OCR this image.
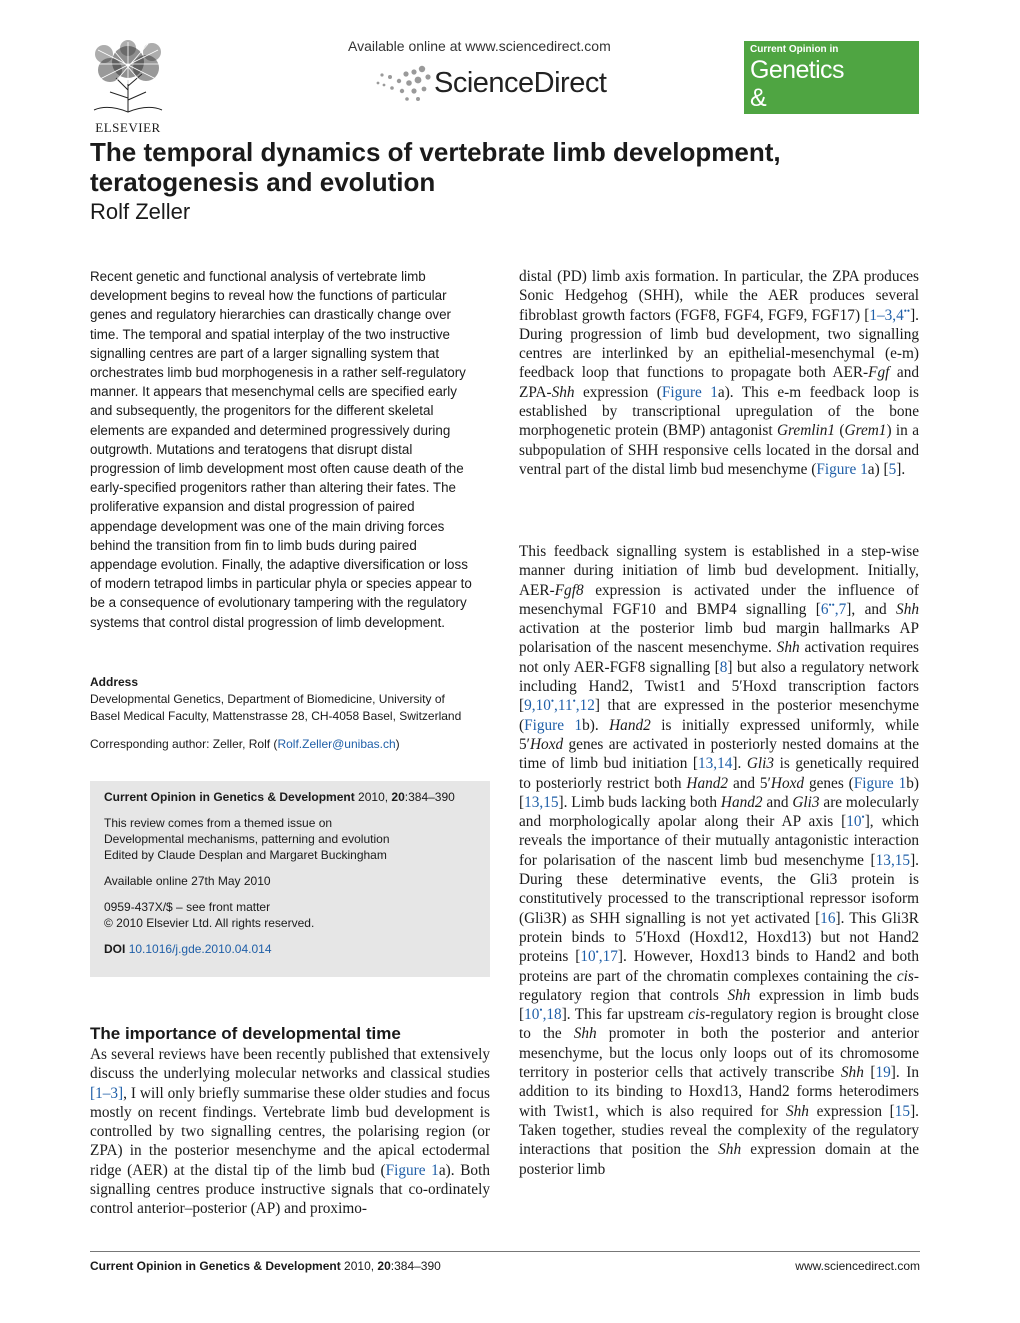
ELSEVIER
Available online at www.sciencedirect.com
ScienceDirect
Current Opinion in
Genetics
& Development
The temporal dynamics of vertebrate limb development, teratogenesis and evolution
Rolf Zeller

Recent genetic and functional analysis of vertebrate limb development begins to reveal how the functions of particular genes and regulatory hierarchies can drastically change over time. The temporal and spatial interplay of the two instructive signalling centres are part of a larger signalling system that orchestrates limb bud morphogenesis in a rather self-regulatory manner. It appears that mesenchymal cells are specified early and subsequently, the progenitors for the different skeletal elements are expanded and determined progressively during outgrowth. Mutations and teratogens that disrupt distal progression of limb development most often cause death of the early-specified progenitors rather than altering their fates. The proliferative expansion and distal progression of paired appendage development was one of the main driving forces behind the transition from fin to limb buds during paired appendage evolution. Finally, the adaptive diversification or loss of modern tetrapod limbs in particular phyla or species appear to be a consequence of evolutionary tampering with the regulatory systems that control distal progression of limb development.

Address
Developmental Genetics, Department of Biomedicine, University of
Basel Medical Faculty, Mattenstrasse 28, CH-4058 Basel, Switzerland
Corresponding author: Zeller, Rolf (Rolf.Zeller@unibas.ch)
Current Opinion in Genetics & Development 2010, 20:384–390
This review comes from a themed issue on
Developmental mechanisms, patterning and evolution
Edited by Claude Desplan and Margaret Buckingham
Available online 27th May 2010
0959-437X/$ – see front matter
© 2010 Elsevier Ltd. All rights reserved.
DOI 10.1016/j.gde.2010.04.014
The importance of developmental time

As several reviews have been recently published that extensively discuss the underlying molecular networks and classical studies [1–3], I will only briefly summarise these older studies and focus mostly on recent findings. Vertebrate limb bud development is controlled by two signalling centres, the polarising region (or ZPA) in the posterior mesenchyme and the apical ectodermal ridge (AER) at the distal tip of the limb bud (Figure 1a). Both signalling centres produce instructive signals that co-ordinately control anterior–posterior (AP) and proximo-

distal (PD) limb axis formation. In particular, the ZPA produces Sonic Hedgehog (SHH), while the AER produces several fibroblast growth factors (FGF8, FGF4, FGF9, FGF17) [1–3,4••]. During progression of limb bud development, two signalling centres are interlinked by an epithelial-mesenchymal (e-m) feedback loop that functions to propagate both AER-Fgf and ZPA-Shh expression (Figure 1a). This e-m feedback loop is established by transcriptional upregulation of the bone morphogenetic protein (BMP) antagonist Gremlin1 (Grem1) in a subpopulation of SHH responsive cells located in the dorsal and ventral part of the distal limb bud mesenchyme (Figure 1a) [5].

This feedback signalling system is established in a step-wise manner during initiation of limb bud development. Initially, AER-Fgf8 expression is activated under the influence of mesenchymal FGF10 and BMP4 signalling [6••,7], and Shh activation at the posterior limb bud margin hallmarks AP polarisation of the nascent mesenchyme. Shh activation requires not only AER-FGF8 signalling [8] but also a regulatory network including Hand2, Twist1 and 5′Hoxd transcription factors [9,10•,11•,12] that are expressed in the posterior mesenchyme (Figure 1b). Hand2 is initially expressed uniformly, while 5′Hoxd genes are activated in posteriorly nested domains at the time of limb bud initiation [13,14]. Gli3 is genetically required to posteriorly restrict both Hand2 and 5′Hoxd genes (Figure 1b) [13,15]. Limb buds lacking both Hand2 and Gli3 are molecularly and morphologically apolar along their AP axis [10•], which reveals the importance of their mutually antagonistic interaction for polarisation of the nascent limb bud mesenchyme [13,15]. During these determinative events, the Gli3 protein is constitutively processed to the transcriptional repressor isoform (Gli3R) as SHH signalling is not yet activated [16]. This Gli3R protein binds to 5′Hoxd (Hoxd12, Hoxd13) but not Hand2 proteins [10•,17]. However, Hoxd13 binds to Hand2 and both proteins are part of the chromatin complexes containing the cis-regulatory region that controls Shh expression in limb buds [10•,18]. This far upstream cis-regulatory region is brought close to the Shh promoter in both the posterior and anterior mesenchyme, but the locus only loops out of its chromosome territory in posterior cells that actively transcribe Shh [19]. In addition to its binding to Hoxd13, Hand2 forms heterodimers with Twist1, which is also required for Shh expression [15]. Taken together, studies reveal the complexity of the regulatory interactions that position the Shh expression domain at the posterior limb

Current Opinion in Genetics & Development 2010, 20:384–390	www.sciencedirect.com
